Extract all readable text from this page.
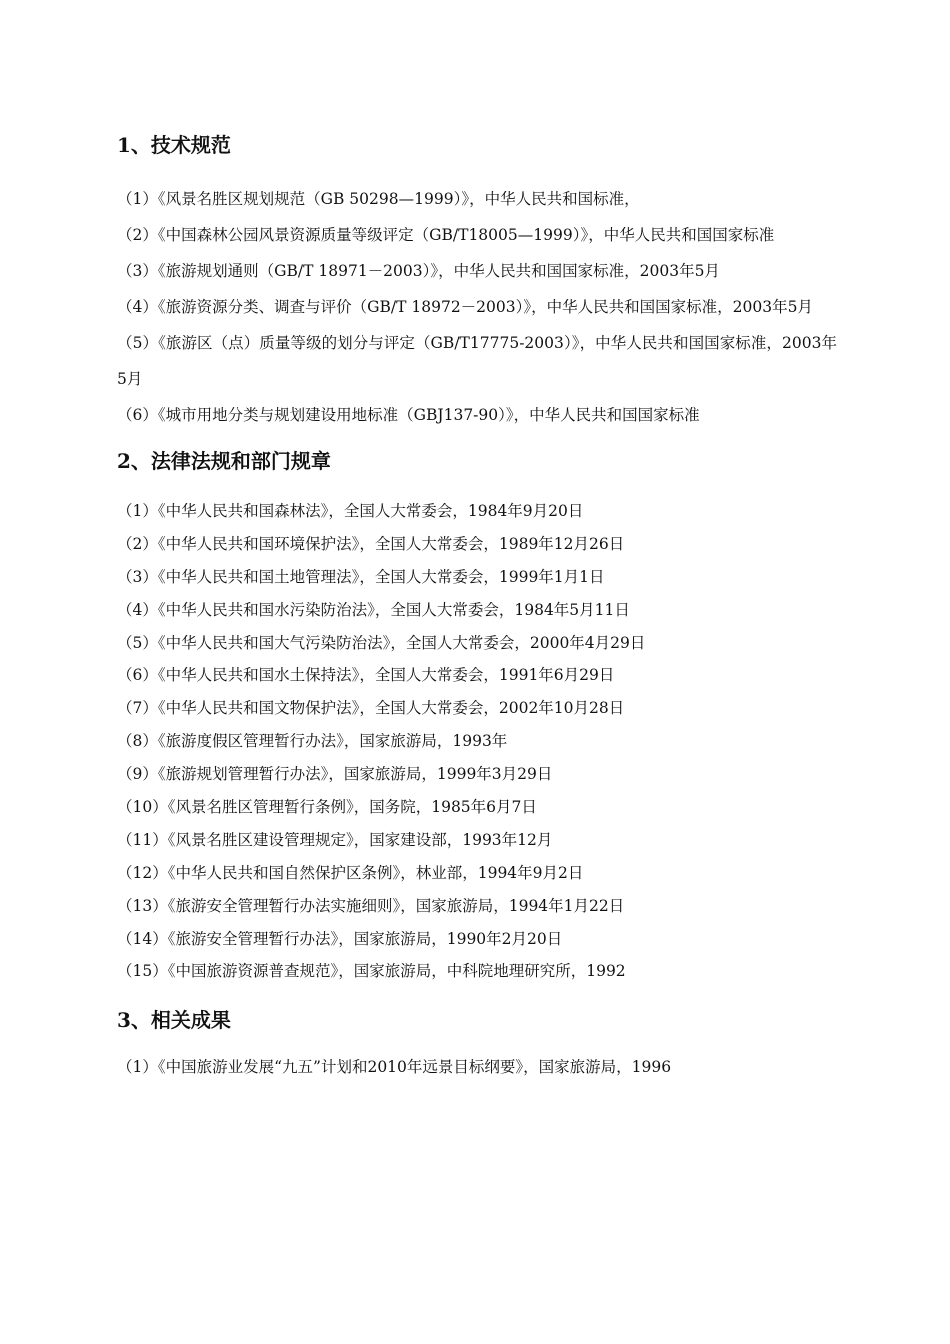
1、技术规范

（1）《风景名胜区规划规范（GB 50298—1999）》，中华人民共和国标准，

（2）《中国森林公园风景资源质量等级评定（GB/T18005—1999）》，中华人民共和国国家标准

（3）《旅游规划通则（GB/T 18971－2003）》，中华人民共和国国家标准，2003年5月

（4）《旅游资源分类、调查与评价（GB/T 18972－2003）》，中华人民共和国国家标准，2003年5月

（5）《旅游区（点）质量等级的划分与评定（GB/T17775-2003）》，中华人民共和国国家标准，2003年5月

（6）《城市用地分类与规划建设用地标准（GBJ137-90）》，中华人民共和国国家标准

2、法律法规和部门规章

（1）《中华人民共和国森林法》，全国人大常委会，1984年9月20日

（2）《中华人民共和国环境保护法》，全国人大常委会，1989年12月26日

（3）《中华人民共和国土地管理法》，全国人大常委会，1999年1月1日

（4）《中华人民共和国水污染防治法》，全国人大常委会，1984年5月11日

（5）《中华人民共和国大气污染防治法》，全国人大常委会，2000年4月29日

（6）《中华人民共和国水土保持法》，全国人大常委会，1991年6月29日

（7）《中华人民共和国文物保护法》，全国人大常委会，2002年10月28日

（8）《旅游度假区管理暂行办法》，国家旅游局，1993年

（9）《旅游规划管理暂行办法》，国家旅游局，1999年3月29日

（10）《风景名胜区管理暂行条例》，国务院，1985年6月7日

（11）《风景名胜区建设管理规定》，国家建设部，1993年12月

（12）《中华人民共和国自然保护区条例》，林业部，1994年9月2日

（13）《旅游安全管理暂行办法实施细则》，国家旅游局，1994年1月22日

（14）《旅游安全管理暂行办法》，国家旅游局，1990年2月20日

（15）《中国旅游资源普查规范》，国家旅游局，中科院地理研究所，1992

3、相关成果

（1）《中国旅游业发展“九五”计划和2010年远景目标纲要》，国家旅游局，1996
